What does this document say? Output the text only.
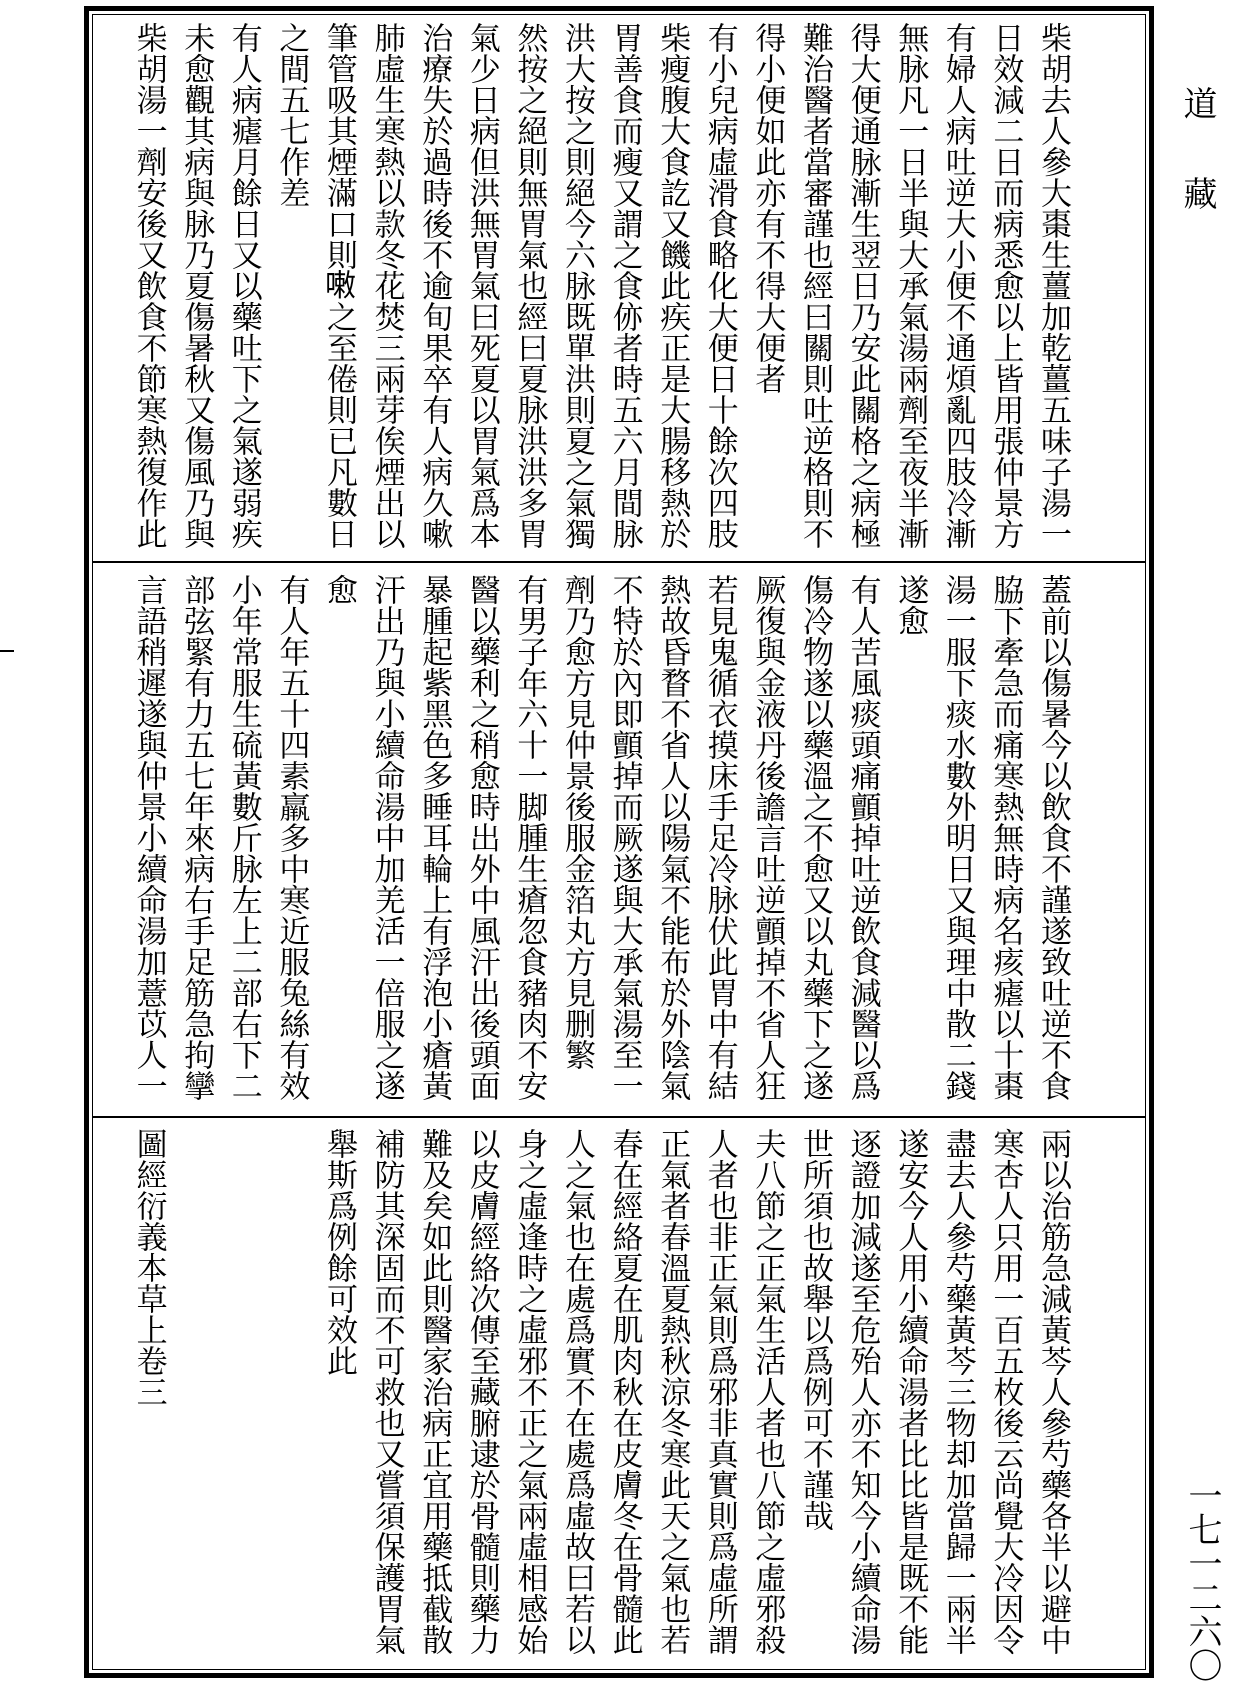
道
藏
一七一二六〇
柴胡去人參大棗生薑加乾薑五味子湯一
日效減二日而病悉愈以上皆用張仲景方
有婦人病吐逆大小便不通煩亂四肢冷漸
無脉凡一日半與大承氣湯兩劑至夜半漸
得大便通脉漸生翌日乃安此關格之病極
難治醫者當審謹也經曰關則吐逆格則不
得小便如此亦有不得大便者
有小兒病虛滑食略化大便日十餘次四肢
柴瘦腹大食訖又饑此疾正是大腸移熱於
胃善食而瘦又謂之食㑊者時五六月間脉
洪大按之則絕今六脉既單洪則夏之氣獨
然按之絕則無胃氣也經曰夏脉洪洪多胃
氣少日病但洪無胃氣曰死夏以胃氣爲本
治療失於過時後不逾旬果卒有人病久嗽
肺虛生寒熱以款冬花焚三兩芽俟煙出以
筆管吸其煙滿口則𠻳之至倦則已凡數日
之間五七作差
有人病瘧月餘日又以藥吐下之氣遂弱疾
未愈觀其病與脉乃夏傷暑秋又傷風乃與
柴胡湯一劑安後又飲食不節寒熱復作此
蓋前以傷暑今以飲食不謹遂致吐逆不食
脇下牽急而痛寒熱無時病名痎瘧以十棗
湯一服下痰水數外明日又與理中散二錢
遂愈
有人苦風痰頭痛顫掉吐逆飲食減醫以爲
傷冷物遂以藥溫之不愈又以丸藥下之遂
厥復與金液丹後譫言吐逆顫掉不省人狂
若見鬼循衣摸床手足冷脉伏此胃中有結
熱故昏瞀不省人以陽氣不能布於外陰氣
不特於內即顫掉而厥遂與大承氣湯至一
劑乃愈方見仲景後服金箔丸方見删繁
有男子年六十一脚腫生瘡忽食豬肉不安
醫以藥利之稍愈時出外中風汗出後頭面
暴腫起紫黑色多睡耳輪上有浮泡小瘡黃
汗出乃與小續命湯中加羌活一倍服之遂
愈
有人年五十四素羸多中寒近服兔絲有效
小年常服生硫黃數斤脉左上二部右下二
部弦緊有力五七年來病右手足筋急拘攣
言語稍遲遂與仲景小續命湯加薏苡人一
兩以治筋急減黃芩人參芍藥各半以避中
寒杏人只用一百五枚後云尚覺大冷因令
盡去人參芍藥黃芩三物却加當歸一兩半
遂安今人用小續命湯者比比皆是既不能
逐證加減遂至危殆人亦不知今小續命湯
世所須也故舉以爲例可不謹哉
夫八節之正氣生活人者也八節之虛邪殺
人者也非正氣則爲邪非真實則爲虛所謂
正氣者春溫夏熱秋涼冬寒此天之氣也若
春在經絡夏在肌肉秋在皮膚冬在骨髓此
人之氣也在處爲實不在處爲虛故曰若以
身之虛逢時之虛邪不正之氣兩虛相感始
以皮膚經絡次傳至藏腑逮於骨髓則藥力
難及矣如此則醫家治病正宜用藥抵截散
補防其深固而不可救也又嘗須保護胃氣
舉斯爲例餘可效此
圖經衍義本草上卷三
